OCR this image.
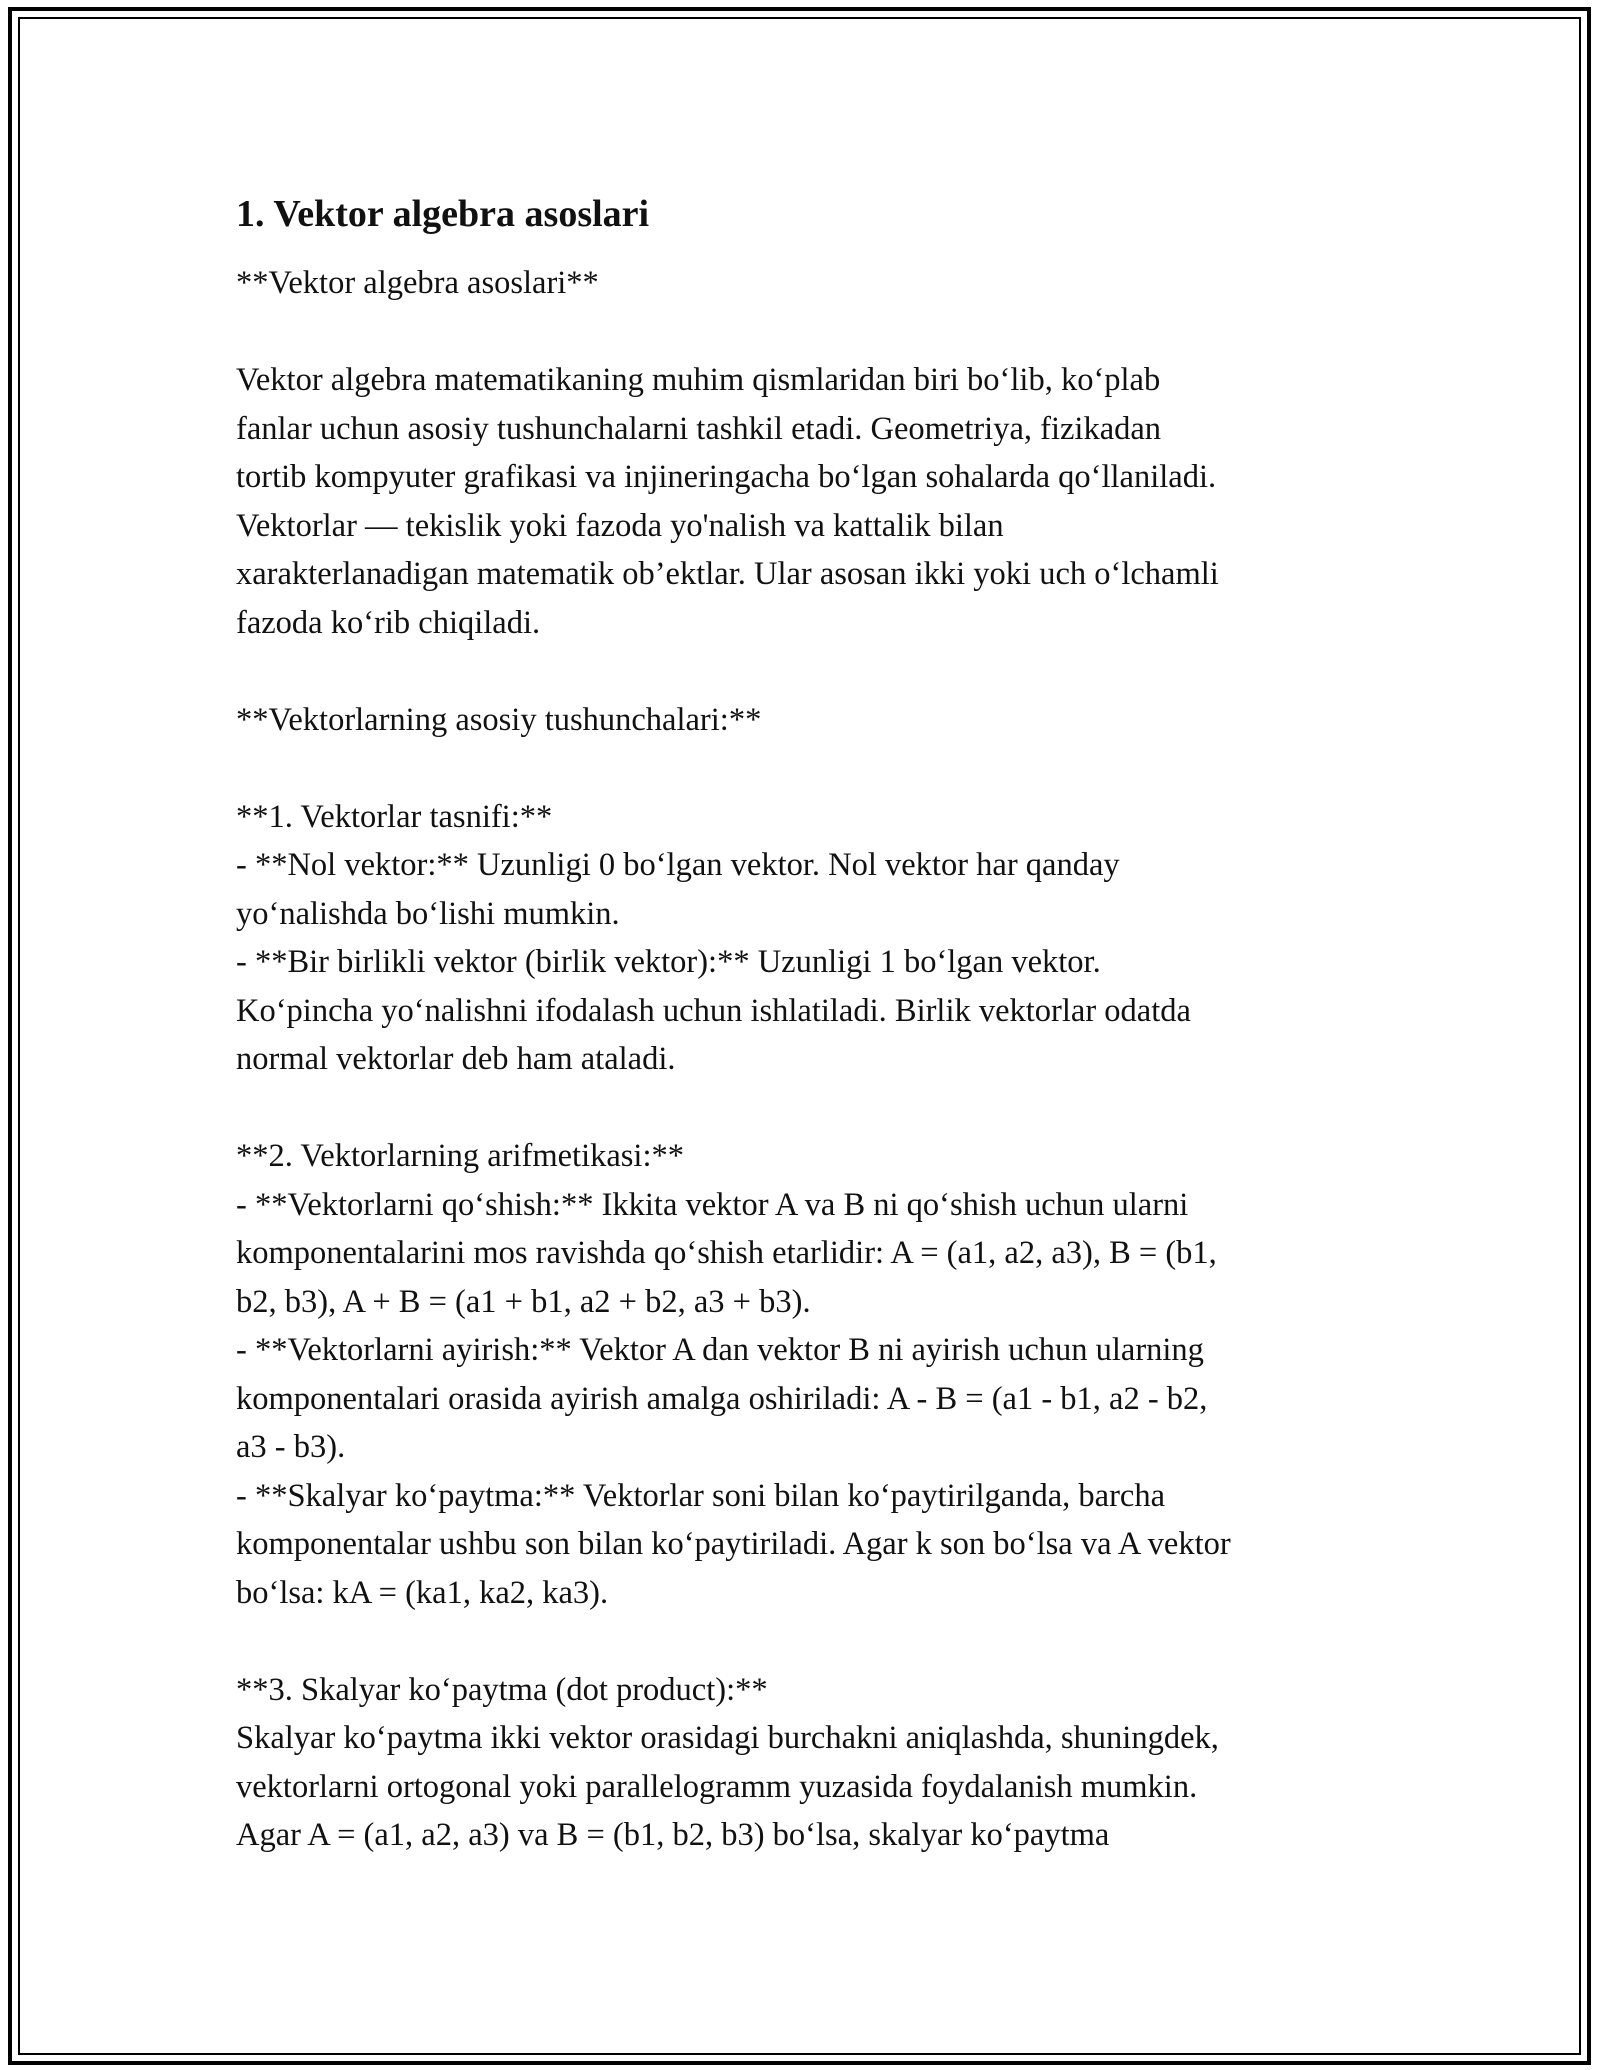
1. Vektor algebra asoslari
**Vektor algebra asoslari**
Vektor algebra matematikaning muhim qismlaridan biri bo‘lib, ko‘plab
fanlar uchun asosiy tushunchalarni tashkil etadi. Geometriya, fizikadan
tortib kompyuter grafikasi va injineringacha bo‘lgan sohalarda qo‘llaniladi.
Vektorlar — tekislik yoki fazoda yo'nalish va kattalik bilan
xarakterlanadigan matematik ob’ektlar. Ular asosan ikki yoki uch o‘lchamli
fazoda ko‘rib chiqiladi.
**Vektorlarning asosiy tushunchalari:**
**1. Vektorlar tasnifi:**
- **Nol vektor:** Uzunligi 0 bo‘lgan vektor. Nol vektor har qanday
yo‘nalishda bo‘lishi mumkin.
- **Bir birlikli vektor (birlik vektor):** Uzunligi 1 bo‘lgan vektor.
Ko‘pincha yo‘nalishni ifodalash uchun ishlatiladi. Birlik vektorlar odatda
normal vektorlar deb ham ataladi.
**2. Vektorlarning arifmetikasi:**
- **Vektorlarni qo‘shish:** Ikkita vektor A va B ni qo‘shish uchun ularni
komponentalarini mos ravishda qo‘shish etarlidir: A = (a1, a2, a3), B = (b1,
b2, b3), A + B = (a1 + b1, a2 + b2, a3 + b3).
- **Vektorlarni ayirish:** Vektor A dan vektor B ni ayirish uchun ularning
komponentalari orasida ayirish amalga oshiriladi: A - B = (a1 - b1, a2 - b2,
a3 - b3).
- **Skalyar ko‘paytma:** Vektorlar soni bilan ko‘paytirilganda, barcha
komponentalar ushbu son bilan ko‘paytiriladi. Agar k son bo‘lsa va A vektor
bo‘lsa: kA = (ka1, ka2, ka3).
**3. Skalyar ko‘paytma (dot product):**
Skalyar ko‘paytma ikki vektor orasidagi burchakni aniqlashda, shuningdek,
vektorlarni ortogonal yoki parallelogramm yuzasida foydalanish mumkin.
Agar A = (a1, a2, a3) va B = (b1, b2, b3) bo‘lsa, skalyar ko‘paytma
